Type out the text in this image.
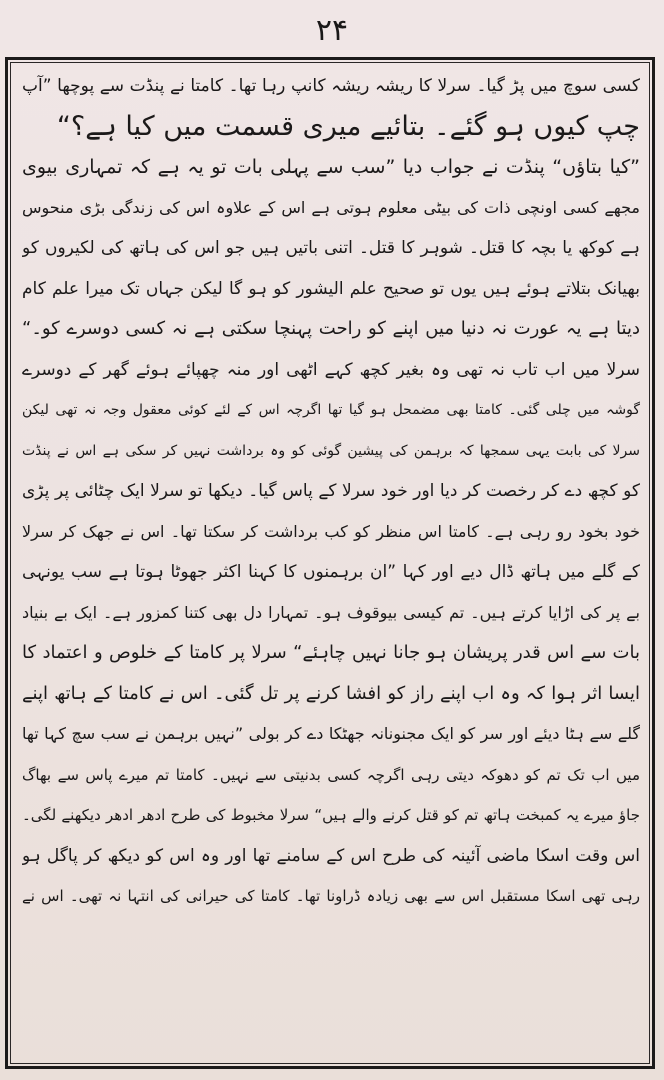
۲۴
کسی سوچ میں پڑ گیا۔ سرلا کا ریشہ ریشہ کانپ رہا تھا۔ کامتا نے پنڈت سے پوچھا ”آپ
چپ کیوں ہو گئے۔ بتائیے میری قسمت میں کیا ہے؟“
”کیا بتاؤں“ پنڈت نے جواب دیا ”سب سے پہلی بات تو یہ ہے کہ تمہاری بیوی
مجھے کسی اونچی ذات کی بیٹی معلوم ہوتی ہے اس کے علاوہ اس کی زندگی بڑی منحوس
ہے کوکھ یا بچہ کا قتل۔ شوہر کا قتل۔ اتنی باتیں ہیں جو اس کی ہاتھ کی لکیروں کو
بھیانک بتلاتے ہوئے ہیں یوں تو صحیح علم الیشور کو ہو گا لیکن جہاں تک میرا علم کام
دیتا ہے یہ عورت نہ دنیا میں اپنے کو راحت پہنچا سکتی ہے نہ کسی دوسرے کو۔“
سرلا میں اب تاب نہ تھی وہ بغیر کچھ کہے اٹھی اور منہ چھپائے ہوئے گھر کے دوسرے
گوشہ میں چلی گئی۔ کامتا بھی مضمحل ہو گیا تھا اگرچہ اس کے لئے کوئی معقول وجہ نہ تھی لیکن
سرلا کی بابت یہی سمجھا کہ برہمن کی پیشین گوئی کو وہ برداشت نہیں کر سکی ہے اس نے پنڈت
کو کچھ دے کر رخصت کر دیا اور خود سرلا کے پاس گیا۔ دیکھا تو سرلا ایک چٹائی پر پڑی
خود بخود رو رہی ہے۔ کامتا اس منظر کو کب برداشت کر سکتا تھا۔ اس نے جھک کر سرلا
کے گلے میں ہاتھ ڈال دیے اور کہا ”ان برہمنوں کا کہنا اکثر جھوٹا ہوتا ہے سب یونہی
بے پر کی اڑایا کرتے ہیں۔ تم کیسی بیوقوف ہو۔ تمہارا دل بھی کتنا کمزور ہے۔ ایک بے بنیاد
بات سے اس قدر پریشان ہو جانا نہیں چاہئے“ سرلا پر کامتا کے خلوص و اعتماد کا
ایسا اثر ہوا کہ وہ اب اپنے راز کو افشا کرنے پر تل گئی۔ اس نے کامتا کے ہاتھ اپنے
گلے سے ہٹا دیئے اور سر کو ایک مجنونانہ جھٹکا دے کر بولی ”نہیں برہمن نے سب سچ کہا تھا
میں اب تک تم کو دھوکہ دیتی رہی اگرچہ کسی بدنیتی سے نہیں۔ کامتا تم میرے پاس سے بھاگ
جاؤ میرے یہ کمبخت ہاتھ تم کو قتل کرنے والے ہیں“ سرلا مخبوط کی طرح ادھر ادھر دیکھنے لگی۔
اس وقت اسکا ماضی آئینہ کی طرح اس کے سامنے تھا اور وہ اس کو دیکھ کر پاگل ہو
رہی تھی اسکا مستقبل اس سے بھی زیادہ ڈراونا تھا۔ کامتا کی حیرانی کی انتہا نہ تھی۔ اس نے
